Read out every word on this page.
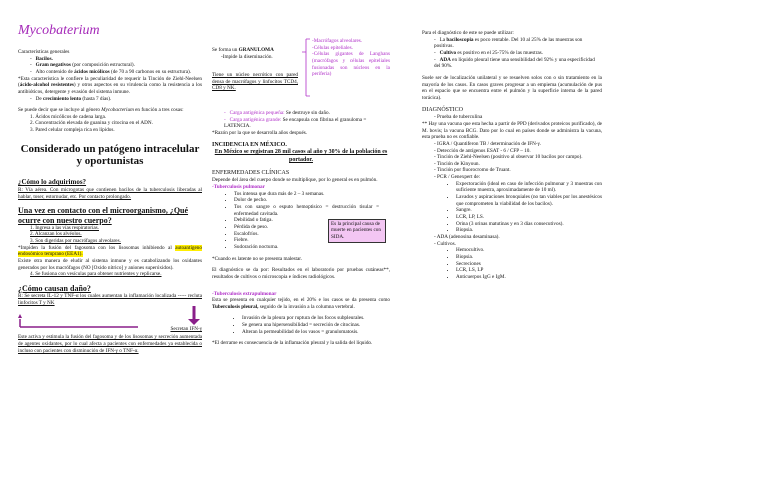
Mycobaterium

Características generales

-   Bacilos.

-   Gram negativos (por composición estructural).

-   Alto contenido de ácidos micólicos (de 70 a 90 carbonos en su estructura).

*Esta característica le confiere la peculiaridad de requerir la Tinción de Ziehl-Neelsen (ácido-alcohol resistentes) y otros aspectos en su virulencia como la resistencia a los antibióticos, detergente y evasión del sistema inmune.

-   De crecimiento lento (hasta 7 días).

Se puede decir que se incluye al género Mycobacterium en función a tres cosas:

1. Ácidos micólicos de cadena larga.

2. Concentración elevada de guanina y citocina en el ADN.

3. Pared celular compleja rica en lípidos.

Considerado un patógeno intracelular y oportunistas

¿Cómo lo adquirimos?

R: Vía aérea. Con microgotas que contienen bacilos de la tuberculosis liberadas al hablar, toser, estornudar, etc. Por contacto prolongado.

Una vez en contacto con el microorganismo, ¿Qué ocurre con nuestro cuerpo?

1. Ingresa a las vías respiratorias.

2. Alcanzan los alvéolos.

3. Son digeridas por macrófagos alveolares.

*Impiden la fusión del fagosoma con los lisosomas inhibiendo al autoantígeno endosómico temprano (EEA1).

Existe otra manera de eludir al sistema inmune y es catabolizando los oxidantes generados por los macrófagos (NO [Oxido nítrico] y aniones superóxidos).

4. Se fusiona con vesículas para obtener nutrientes y replicarse.

¿Cómo causan daño?

R: Se secreta IL-12 y TNF-α los cuales aumentan la inflamación localizada ----- recluta linfocitos T y NK

Secretan IFN-γ

Este activa y estimula la fusión del fagosoma y de los lisosomas y secreción aumentada de agentes oxidantes, por lo cual afecta a pacientes con enfermedades ya establecida o incluso con pacientes con disminución de IFN-γ o TNF-α.

Se forma un GRANULOMA

-Impide la diseminación.

-Macrófagos alveolares.

-Células epiteliales.

-Células gigantes de Langhans (macrófagos y células epiteliales fusionadas son núcleos en la periferia)

Tiene un núcleo necrótico con pared densa de macrófagos y linfocitos TCD4, CD8 y NK.

-   Carga antigénica pequeña: Se destruye sin daño.

-   Carga antigénica grande: Se encapsula con fibrina el granuloma = LATENCIA.

*Razón por la que se desarrolla años después.

INCIDENCIA EN MÉXICO.

En México se registran 28 mil casos al año y 30% de la población es portador.

ENFERMEDADES CLÍNICAS

Depende del área del cuerpo donde se multiplique, por lo general es en pulmón.

-Tuberculosis pulmonar

• Tos intensa que dura más de 2 – 3 semanas.
• Dolor de pecho.
• Tos con sangre o esputo hemoptisico = destrucción tisular = enfermedad cavitada.
• Debilidad o fatiga.
• Pérdida de peso.
• Escalofríos.
• Fiebre.
• Sudoración nocturna.

Es la principal causa de muerte en pacientes con SIDA.

*Cuando es latente no se presenta malestar.

El diagnóstico se da por: Resultados en el laboratorio por pruebas cutáneas**, resultados de cultivos o microscopia e índices radiológicos.

-Tuberculosis extrapulmonar

Esta se presenta en cualquier tejido, en el 20% e los casos se da presenta como Tuberculosis pleural, seguido de la invasión a la columna vertebral.

• Invasión de la pleura por ruptura de los focos subpleurales.
• Se genera una hipersensibilidad = secreción de citocinas.
• Alteran la permeabilidad de los vasos = granulomatosis.

*El derrame es consecuencia de la inflamación pleural y la salida del líquido.

Para el diagnóstico de este se puede utilizar:

-   La baciloscopia es poco rentable. Del 10 al 25% de las muestras son positivas.

-   Cultivo es positivo en el 25-75% de las muestras.

-   ADA en líquido pleural tiene una sensibilidad del 92% y una especificidad del 90%.

Suele ser de localización unilateral y se resuelven solos con o sin tratamiento en la mayoría de los casos. En casos graves progresar a un empiema (acumulación de pus en el espacio que se encuentra entre el pulmón y la superficie interna de la pared torácica).

DIAGNÓSTICO

- Prueba de tuberculina

** Hay una vacuna que esta hecha a partir de PPD (derivados proteicos purificado), de M. bovis; la vacuna BCG. Dato por lo cual en países donde se administra la vacuna, esta prueba no es confiable.

- IGRA / Quantiferon TB / determinación de IFN-γ.

- Detección de antígenos ESAT - 6 / CFP – 10.

- Tinción de Ziehl-Neelsen (positivo al observar 10 bacilos por campo).

- Tinción de Kinyoun.

- Tinción por fluorocromo de Truant.

- PCR / Genexpert de:

• Expectoración (ideal en caso de infección pulmonar y 3 muestras con suficiente muestra, aproximadamente de 10 ml).
• Lavados y aspiraciones bronquiales (no tan viables por los anestésicos que comprometen la viabilidad de los bacilos).
• Sangre.
• LCR, LP, LS.
• Orina (3 orinas matutinas y en 3 días consecutivos).
• Biopsia.

- ADA (adenosina desaminasa).

- Cultivos.

• Hemocultivo.
• Biopsia.
• Secreciones
• LCR, LS, LP
• Anticuerpos IgG e IgM.
